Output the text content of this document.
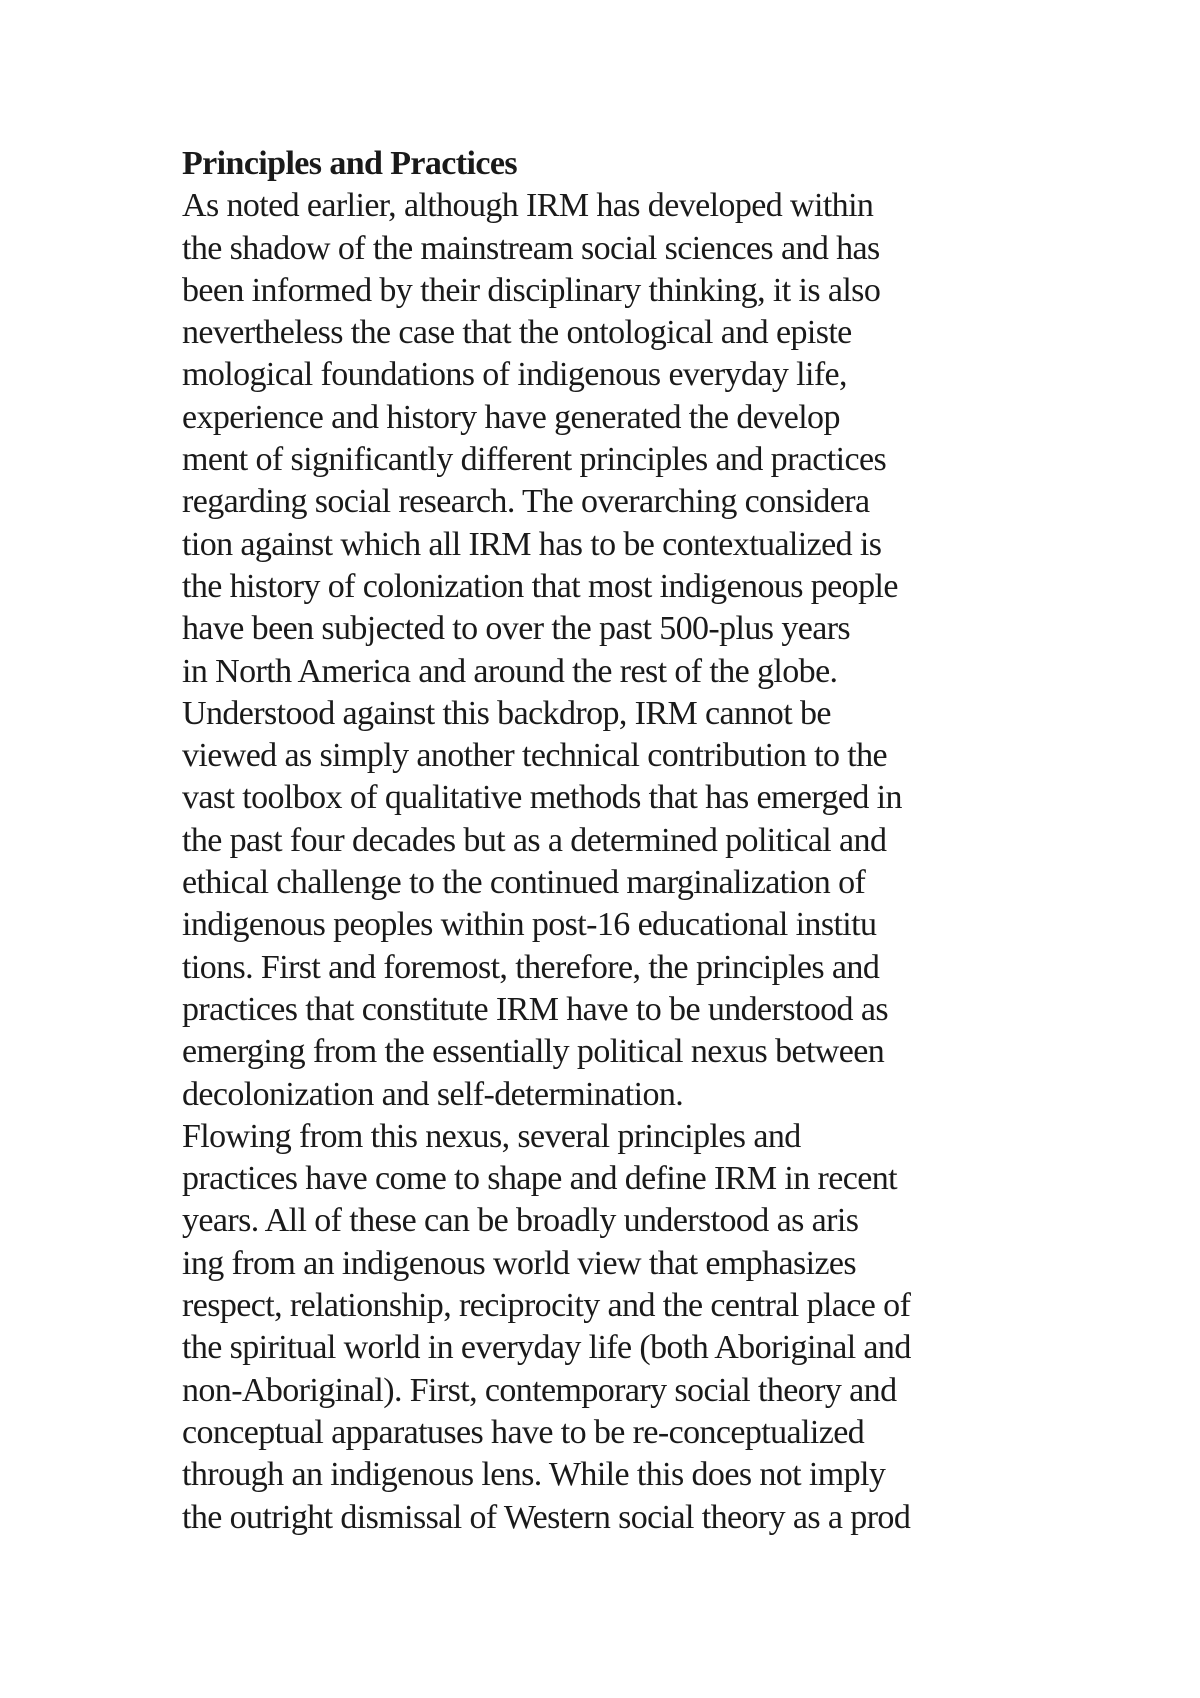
Principles and Practices
As noted earlier, although IRM has developed within
the shadow of the mainstream social sciences and has
been informed by their disciplinary thinking, it is also
nevertheless the case that the ontological and episte
mological foundations of indigenous everyday life,
experience and history have generated the develop
ment of significantly different principles and practices
regarding social research. The overarching considera
tion against which all IRM has to be contextualized is
the history of colonization that most indigenous people
have been subjected to over the past 500-plus years
in North America and around the rest of the globe.
Understood against this backdrop, IRM cannot be
viewed as simply another technical contribution to the
vast toolbox of qualitative methods that has emerged in
the past four decades but as a determined political and
ethical challenge to the continued marginalization of
indigenous peoples within post-16 educational institu
tions. First and foremost, therefore, the principles and
practices that constitute IRM have to be understood as
emerging from the essentially political nexus between
decolonization and self-determination.
Flowing from this nexus, several principles and
practices have come to shape and define IRM in recent
years. All of these can be broadly understood as aris
ing from an indigenous world view that emphasizes
respect, relationship, reciprocity and the central place of
the spiritual world in everyday life (both Aboriginal and
non-Aboriginal). First, contemporary social theory and
conceptual apparatuses have to be re-conceptualized
through an indigenous lens. While this does not imply
the outright dismissal of Western social theory as a prod
